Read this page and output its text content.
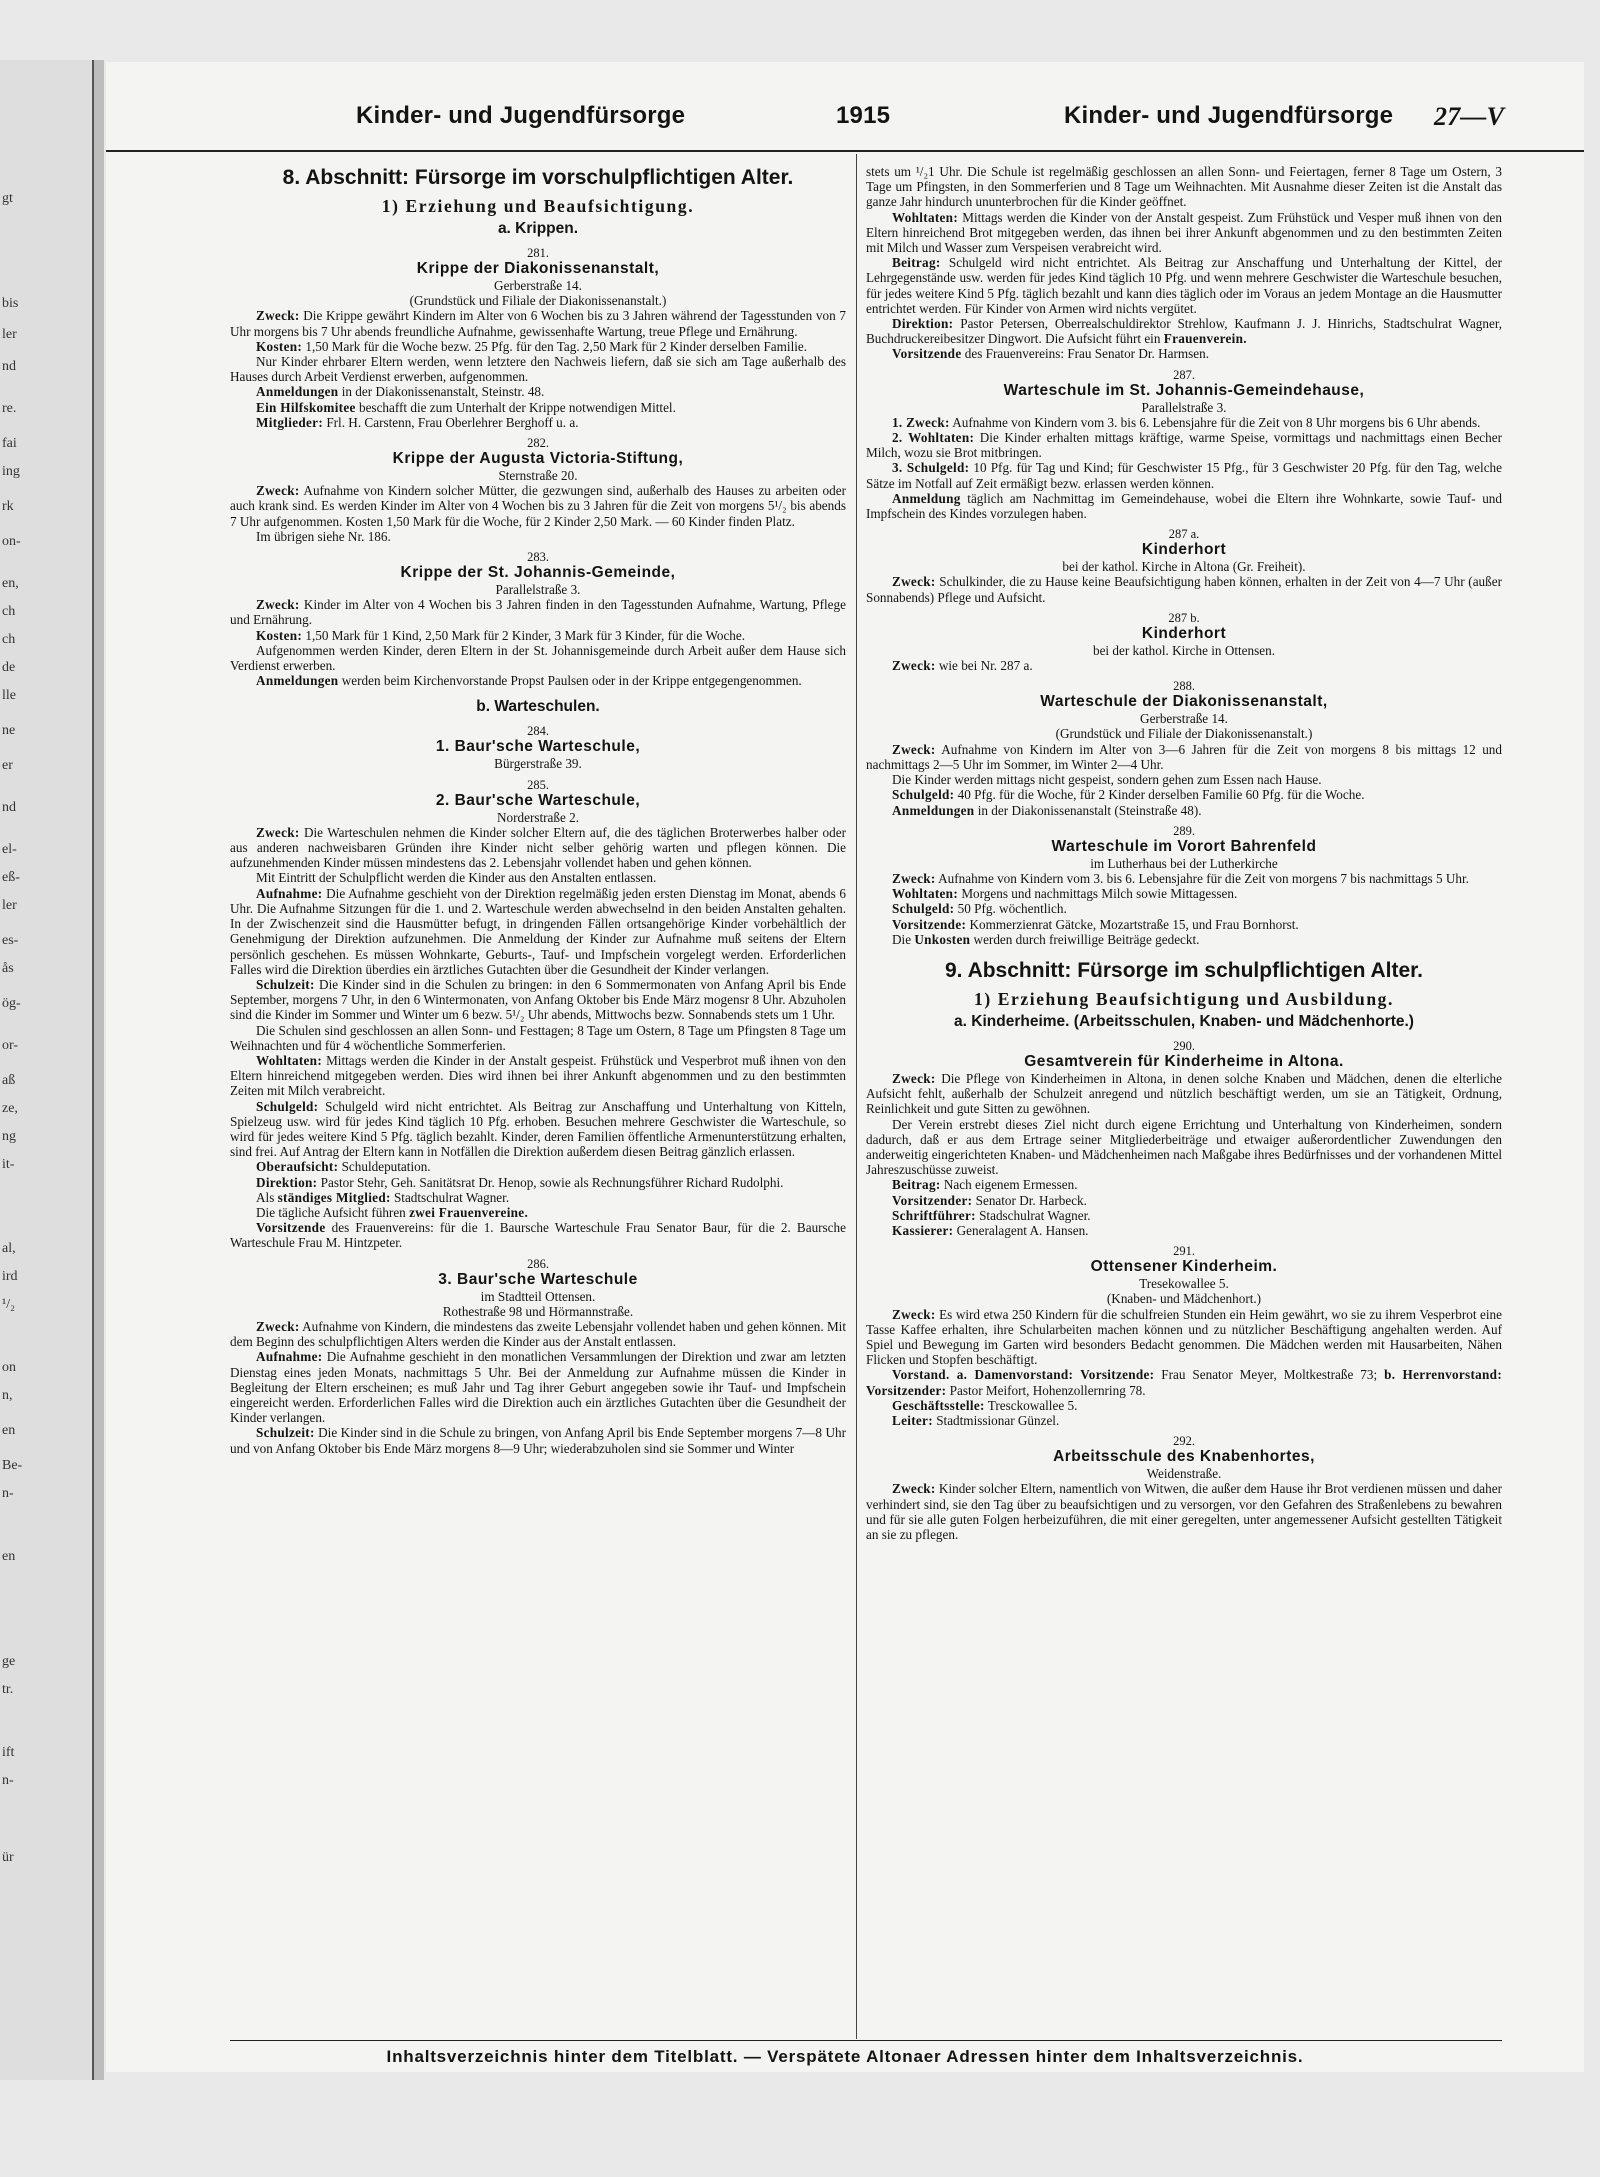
gt
bis
ler
nd
re.
fai
ing
rk
on-
en,
ch
ch
de
lle
ne
er
nd
el-
eß-
ler
es-
ås
ög-
or-
aß
ze,
ng
it-
al,
ird
¹/₂
on
n,
en
Be-
n-
en
ge
tr.
ift
n-
ür
Kinder- und Jugendfürsorge	1915	Kinder- und Jugendfürsorge 27—V

8. Abschnitt: Fürsorge im vorschulpflichtigen Alter.

1) Erziehung und Beaufsichtigung.

a. Krippen.

281.

Krippe der Diakonissenanstalt,

Gerberstraße 14.

(Grundstück und Filiale der Diakonissenanstalt.)

Zweck: Die Krippe gewährt Kindern im Alter von 6 Wochen bis zu 3 Jahren während der Tagesstunden von 7 Uhr morgens bis 7 Uhr abends freundliche Aufnahme, gewissenhafte Wartung, treue Pflege und Ernährung.

Kosten: 1,50 Mark für die Woche bezw. 25 Pfg. für den Tag. 2,50 Mark für 2 Kinder derselben Familie.

Nur Kinder ehrbarer Eltern werden, wenn letztere den Nachweis liefern, daß sie sich am Tage außerhalb des Hauses durch Arbeit Verdienst erwerben, aufgenommen.

Anmeldungen in der Diakonissenanstalt, Steinstr. 48.

Ein Hilfskomitee beschafft die zum Unterhalt der Krippe notwendigen Mittel.

Mitglieder: Frl. H. Carstenn, Frau Oberlehrer Berghoff u. a.

282.

Krippe der Augusta Victoria-Stiftung,

Sternstraße 20.

Zweck: Aufnahme von Kindern solcher Mütter, die gezwungen sind, außerhalb des Hauses zu arbeiten oder auch krank sind. Es werden Kinder im Alter von 4 Wochen bis zu 3 Jahren für die Zeit von morgens 5¹/₂ bis abends 7 Uhr aufgenommen. Kosten 1,50 Mark für die Woche, für 2 Kinder 2,50 Mark. — 60 Kinder finden Platz.

Im übrigen siehe Nr. 186.

283.

Krippe der St. Johannis-Gemeinde,

Parallelstraße 3.

Zweck: Kinder im Alter von 4 Wochen bis 3 Jahren finden in den Tagesstunden Aufnahme, Wartung, Pflege und Ernährung.

Kosten: 1,50 Mark für 1 Kind, 2,50 Mark für 2 Kinder, 3 Mark für 3 Kinder, für die Woche.

Aufgenommen werden Kinder, deren Eltern in der St. Johannisgemeinde durch Arbeit außer dem Hause sich Verdienst erwerben.

Anmeldungen werden beim Kirchenvorstande Propst Paulsen oder in der Krippe entgegengenommen.

b. Warteschulen.

284.

1. Baur'sche Warteschule,

Bürgerstraße 39.

285.

2. Baur'sche Warteschule,

Norderstraße 2.

Zweck: Die Warteschulen nehmen die Kinder solcher Eltern auf, die des täglichen Broterwerbes halber oder aus anderen nachweisbaren Gründen ihre Kinder nicht selber gehörig warten und pflegen können. Die aufzunehmenden Kinder müssen mindestens das 2. Lebensjahr vollendet haben und gehen können.

Mit Eintritt der Schulpflicht werden die Kinder aus den Anstalten entlassen.

Aufnahme: Die Aufnahme geschieht von der Direktion regelmäßig jeden ersten Dienstag im Monat, abends 6 Uhr. Die Aufnahme Sitzungen für die 1. und 2. Warteschule werden abwechselnd in den beiden Anstalten gehalten. In der Zwischenzeit sind die Hausmütter befugt, in dringenden Fällen ortsangehörige Kinder vorbehältlich der Genehmigung der Direktion aufzunehmen. Die Anmeldung der Kinder zur Aufnahme muß seitens der Eltern persönlich geschehen. Es müssen Wohnkarte, Geburts-, Tauf- und Impfschein vorgelegt werden. Erforderlichen Falles wird die Direktion überdies ein ärztliches Gutachten über die Gesundheit der Kinder verlangen.

Schulzeit: Die Kinder sind in die Schulen zu bringen: in den 6 Sommermonaten von Anfang April bis Ende September, morgens 7 Uhr, in den 6 Wintermonaten, von Anfang Oktober bis Ende März mogensr 8 Uhr. Abzuholen sind die Kinder im Sommer und Winter um 6 bezw. 5¹/₂ Uhr abends, Mittwochs bezw. Sonnabends stets um 1 Uhr.

Die Schulen sind geschlossen an allen Sonn- und Festtagen; 8 Tage um Ostern, 8 Tage um Pfingsten 8 Tage um Weihnachten und für 4 wöchentliche Sommerferien.

Wohltaten: Mittags werden die Kinder in der Anstalt gespeist. Frühstück und Vesperbrot muß ihnen von den Eltern hinreichend mitgegeben werden. Dies wird ihnen bei ihrer Ankunft abgenommen und zu den bestimmten Zeiten mit Milch verabreicht.

Schulgeld: Schulgeld wird nicht entrichtet. Als Beitrag zur Anschaffung und Unterhaltung von Kitteln, Spielzeug usw. wird für jedes Kind täglich 10 Pfg. erhoben. Besuchen mehrere Geschwister die Warteschule, so wird für jedes weitere Kind 5 Pfg. täglich bezahlt. Kinder, deren Familien öffentliche Armenunterstützung erhalten, sind frei. Auf Antrag der Eltern kann in Notfällen die Direktion außerdem diesen Beitrag gänzlich erlassen.

Oberaufsicht: Schuldeputation.

Direktion: Pastor Stehr, Geh. Sanitätsrat Dr. Henop, sowie als Rechnungsführer Richard Rudolphi.

Als ständiges Mitglied: Stadtschulrat Wagner.

Die tägliche Aufsicht führen zwei Frauenvereine.

Vorsitzende des Frauenvereins: für die 1. Baursche Warteschule Frau Senator Baur, für die 2. Baursche Warteschule Frau M. Hintzpeter.

286.

3. Baur'sche Warteschule

im Stadtteil Ottensen.

Rothestraße 98 und Hörmannstraße.

Zweck: Aufnahme von Kindern, die mindestens das zweite Lebensjahr vollendet haben und gehen können. Mit dem Beginn des schulpflichtigen Alters werden die Kinder aus der Anstalt entlassen.

Aufnahme: Die Aufnahme geschieht in den monatlichen Versammlungen der Direktion und zwar am letzten Dienstag eines jeden Monats, nachmittags 5 Uhr. Bei der Anmeldung zur Aufnahme müssen die Kinder in Begleitung der Eltern erscheinen; es muß Jahr und Tag ihrer Geburt angegeben sowie ihr Tauf- und Impfschein eingereicht werden. Erforderlichen Falles wird die Direktion auch ein ärztliches Gutachten über die Gesundheit der Kinder verlangen.

Schulzeit: Die Kinder sind in die Schule zu bringen, von Anfang April bis Ende September morgens 7—8 Uhr und von Anfang Oktober bis Ende März morgens 8—9 Uhr; wiederabzuholen sind sie Sommer und Winter

stets um ¹/₂1 Uhr. Die Schule ist regelmäßig geschlossen an allen Sonn- und Feiertagen, ferner 8 Tage um Ostern, 3 Tage um Pfingsten, in den Sommerferien und 8 Tage um Weihnachten. Mit Ausnahme dieser Zeiten ist die Anstalt das ganze Jahr hindurch ununterbrochen für die Kinder geöffnet.

Wohltaten: Mittags werden die Kinder von der Anstalt gespeist. Zum Frühstück und Vesper muß ihnen von den Eltern hinreichend Brot mitgegeben werden, das ihnen bei ihrer Ankunft abgenommen und zu den bestimmten Zeiten mit Milch und Wasser zum Verspeisen verabreicht wird.

Beitrag: Schulgeld wird nicht entrichtet. Als Beitrag zur Anschaffung und Unterhaltung der Kittel, der Lehrgegenstände usw. werden für jedes Kind täglich 10 Pfg. und wenn mehrere Geschwister die Warteschule besuchen, für jedes weitere Kind 5 Pfg. täglich bezahlt und kann dies täglich oder im Voraus an jedem Montage an die Hausmutter entrichtet werden. Für Kinder von Armen wird nichts vergütet.

Direktion: Pastor Petersen, Oberrealschuldirektor Strehlow, Kaufmann J. J. Hinrichs, Stadtschulrat Wagner, Buchdruckereibesitzer Dingwort. Die Aufsicht führt ein Frauenverein.

Vorsitzende des Frauenvereins: Frau Senator Dr. Harmsen.

287.

Warteschule im St. Johannis-Gemeindehause,

Parallelstraße 3.

1. Zweck: Aufnahme von Kindern vom 3. bis 6. Lebensjahre für die Zeit von 8 Uhr morgens bis 6 Uhr abends.

2. Wohltaten: Die Kinder erhalten mittags kräftige, warme Speise, vormittags und nachmittags einen Becher Milch, wozu sie Brot mitbringen.

3. Schulgeld: 10 Pfg. für Tag und Kind; für Geschwister 15 Pfg., für 3 Geschwister 20 Pfg. für den Tag, welche Sätze im Notfall auf Zeit ermäßigt bezw. erlassen werden können.

Anmeldung täglich am Nachmittag im Gemeindehause, wobei die Eltern ihre Wohnkarte, sowie Tauf- und Impfschein des Kindes vorzulegen haben.

287 a.

Kinderhort

bei der kathol. Kirche in Altona (Gr. Freiheit).

Zweck: Schulkinder, die zu Hause keine Beaufsichtigung haben können, erhalten in der Zeit von 4—7 Uhr (außer Sonnabends) Pflege und Aufsicht.

287 b.

Kinderhort

bei der kathol. Kirche in Ottensen.

Zweck: wie bei Nr. 287 a.

288.

Warteschule der Diakonissenanstalt,

Gerberstraße 14.

(Grundstück und Filiale der Diakonissenanstalt.)

Zweck: Aufnahme von Kindern im Alter von 3—6 Jahren für die Zeit von morgens 8 bis mittags 12 und nachmittags 2—5 Uhr im Sommer, im Winter 2—4 Uhr.

Die Kinder werden mittags nicht gespeist, sondern gehen zum Essen nach Hause.

Schulgeld: 40 Pfg. für die Woche, für 2 Kinder derselben Familie 60 Pfg. für die Woche.

Anmeldungen in der Diakonissenanstalt (Steinstraße 48).

289.

Warteschule im Vorort Bahrenfeld

im Lutherhaus bei der Lutherkirche

Zweck: Aufnahme von Kindern vom 3. bis 6. Lebensjahre für die Zeit von morgens 7 bis nachmittags 5 Uhr.

Wohltaten: Morgens und nachmittags Milch sowie Mittagessen.

Schulgeld: 50 Pfg. wöchentlich.

Vorsitzende: Kommerzienrat Gätcke, Mozartstraße 15, und Frau Bornhorst.

Die Unkosten werden durch freiwillige Beiträge gedeckt.

9. Abschnitt: Fürsorge im schulpflichtigen Alter.

1) Erziehung Beaufsichtigung und Ausbildung.

a. Kinderheime. (Arbeitsschulen, Knaben- und Mädchenhorte.)

290.

Gesamtverein für Kinderheime in Altona.

Zweck: Die Pflege von Kinderheimen in Altona, in denen solche Knaben und Mädchen, denen die elterliche Aufsicht fehlt, außerhalb der Schulzeit anregend und nützlich beschäftigt werden, um sie an Tätigkeit, Ordnung, Reinlichkeit und gute Sitten zu gewöhnen.

Der Verein erstrebt dieses Ziel nicht durch eigene Errichtung und Unterhaltung von Kinderheimen, sondern dadurch, daß er aus dem Ertrage seiner Mitgliederbeiträge und etwaiger außerordentlicher Zuwendungen den anderweitig eingerichteten Knaben- und Mädchenheimen nach Maßgabe ihres Bedürfnisses und der vorhandenen Mittel Jahreszuschüsse zuweist.

Beitrag: Nach eigenem Ermessen.

Vorsitzender: Senator Dr. Harbeck.

Schriftführer: Stadschulrat Wagner.

Kassierer: Generalagent A. Hansen.

291.

Ottensener Kinderheim.

Tresekowallee 5.

(Knaben- und Mädchenhort.)

Zweck: Es wird etwa 250 Kindern für die schulfreien Stunden ein Heim gewährt, wo sie zu ihrem Vesperbrot eine Tasse Kaffee erhalten, ihre Schularbeiten machen können und zu nützlicher Beschäftigung angehalten werden. Auf Spiel und Bewegung im Garten wird besonders Bedacht genommen. Die Mädchen werden mit Hausarbeiten, Nähen Flicken und Stopfen beschäftigt.

Vorstand. a. Damenvorstand: Vorsitzende: Frau Senator Meyer, Moltkestraße 73; b. Herrenvorstand: Vorsitzender: Pastor Meifort, Hohenzollernring 78.

Geschäftsstelle: Tresckowallee 5.

Leiter: Stadtmissionar Günzel.

292.

Arbeitsschule des Knabenhortes,

Weidenstraße.

Zweck: Kinder solcher Eltern, namentlich von Witwen, die außer dem Hause ihr Brot verdienen müssen und daher verhindert sind, sie den Tag über zu beaufsichtigen und zu versorgen, vor den Gefahren des Straßenlebens zu bewahren und für sie alle guten Folgen herbeizuführen, die mit einer geregelten, unter angemessener Aufsicht gestellten Tätigkeit an sie zu pflegen.

Inhaltsverzeichnis hinter dem Titelblatt. — Verspätete Altonaer Adressen hinter dem Inhaltsverzeichnis.
